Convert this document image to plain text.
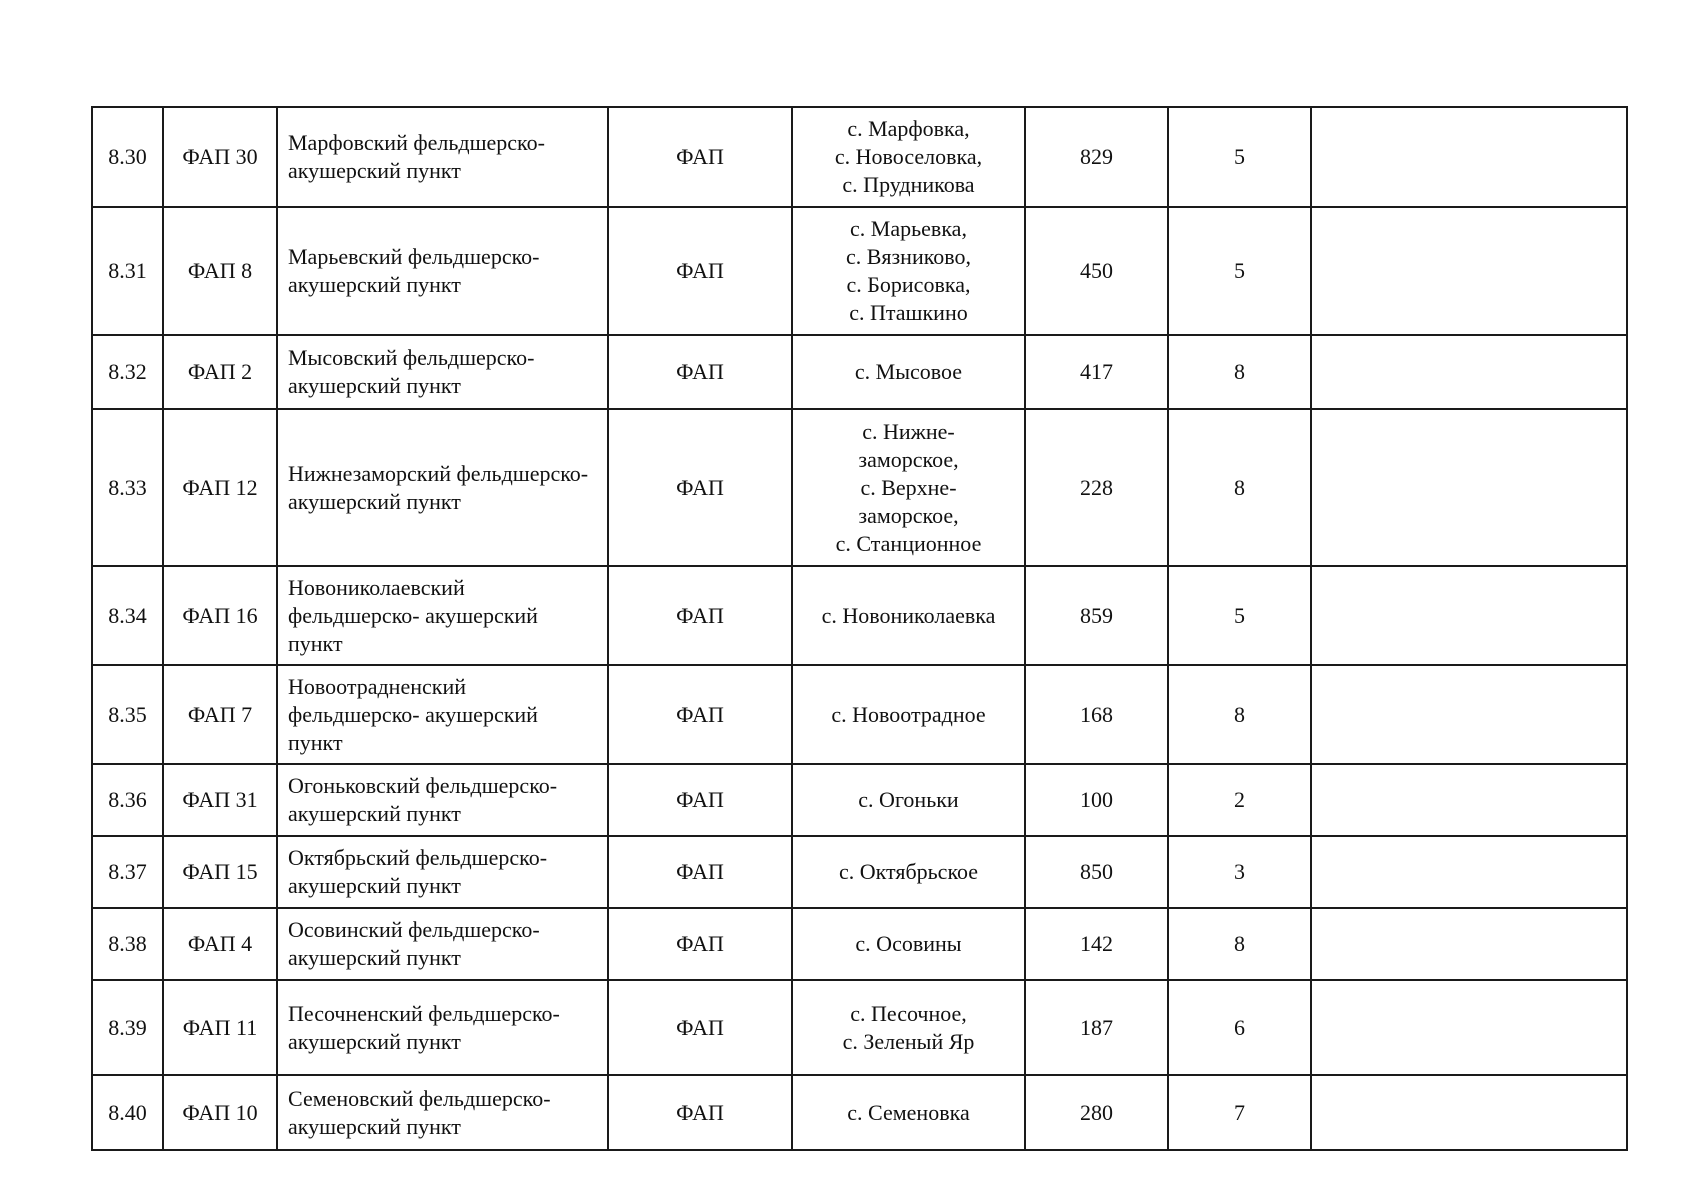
8.30	ФАП 30	Марфовский фельдшерско-акушерский пункт	ФАП	с. Марфовка,
с. Новоселовка,
с. Прудникова	829	5	
8.31	ФАП 8	Марьевский фельдшерско-акушерский пункт	ФАП	с. Марьевка,
с. Вязниково,
с. Борисовка,
с. Пташкино	450	5	
8.32	ФАП 2	Мысовский фельдшерско-акушерский пункт	ФАП	с. Мысовое	417	8	
8.33	ФАП 12	Нижнезаморский фельдшерско- акушерский пункт	ФАП	с. Нижне-
заморское,
с. Верхне-
заморское,
с. Станционное	228	8	
8.34	ФАП 16	Новониколаевский фельдшерско- акушерский пункт	ФАП	с. Новониколаевка	859	5	
8.35	ФАП 7	Новоотрадненский фельдшерско- акушерский пункт	ФАП	с. Новоотрадное	168	8	
8.36	ФАП 31	Огоньковский фельдшерско-акушерский пункт	ФАП	с. Огоньки	100	2	
8.37	ФАП 15	Октябрьский фельдшерско-акушерский пункт	ФАП	с. Октябрьское	850	3	
8.38	ФАП 4	Осовинский фельдшерско-акушерский пункт	ФАП	с. Осовины	142	8	
8.39	ФАП 11	Песочненский фельдшерско- акушерский пункт	ФАП	с. Песочное,
с. Зеленый Яр	187	6	
8.40	ФАП 10	Семеновский фельдшерско-акушерский пункт	ФАП	с. Семеновка	280	7	
